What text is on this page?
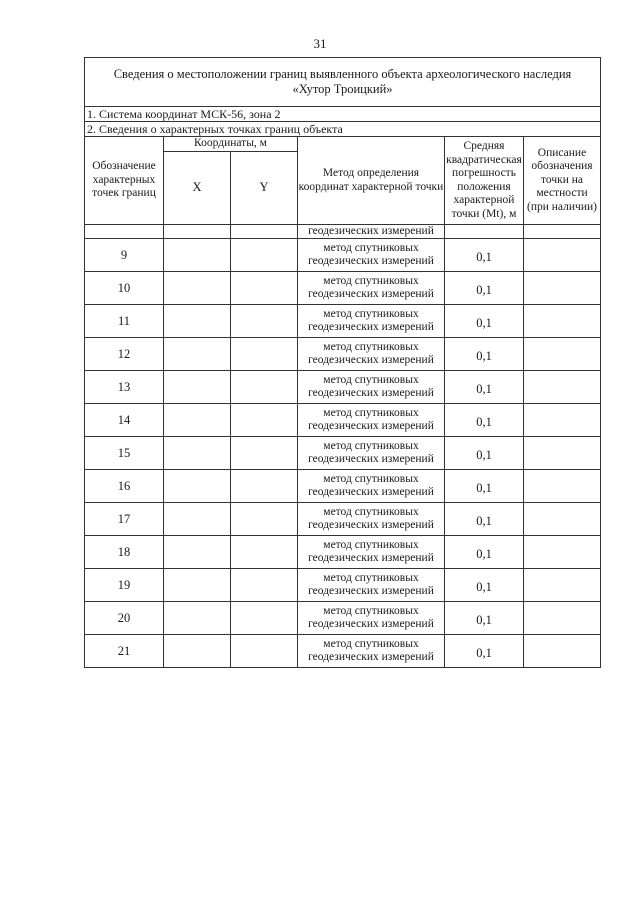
31
Сведения о местоположении границ выявленного объекта археологического наследия
«Хутор Троицкий»					

1. Система координат МСК-56, зона 2					
2. Сведения о характерных точках границ объекта					
Обозначение характерных точек границ	Координаты, м		Метод определения координат характерной точки	Средняя квадратическая погрешность положения характерной точки (Mt), м	Описание обозначения точки на местности (при наличии)
	X	Y			
			геодезических измерений		
9			метод спутниковых геодезических измерений	0,1	
10			метод спутниковых геодезических измерений	0,1	
11			метод спутниковых геодезических измерений	0,1	
12			метод спутниковых геодезических измерений	0,1	
13			метод спутниковых геодезических измерений	0,1	
14			метод спутниковых геодезических измерений	0,1	
15			метод спутниковых геодезических измерений	0,1	
16			метод спутниковых геодезических измерений	0,1	
17			метод спутниковых геодезических измерений	0,1	
18			метод спутниковых геодезических измерений	0,1	
19			метод спутниковых геодезических измерений	0,1	
20			метод спутниковых геодезических измерений	0,1	
21			метод спутниковых геодезических измерений	0,1	
